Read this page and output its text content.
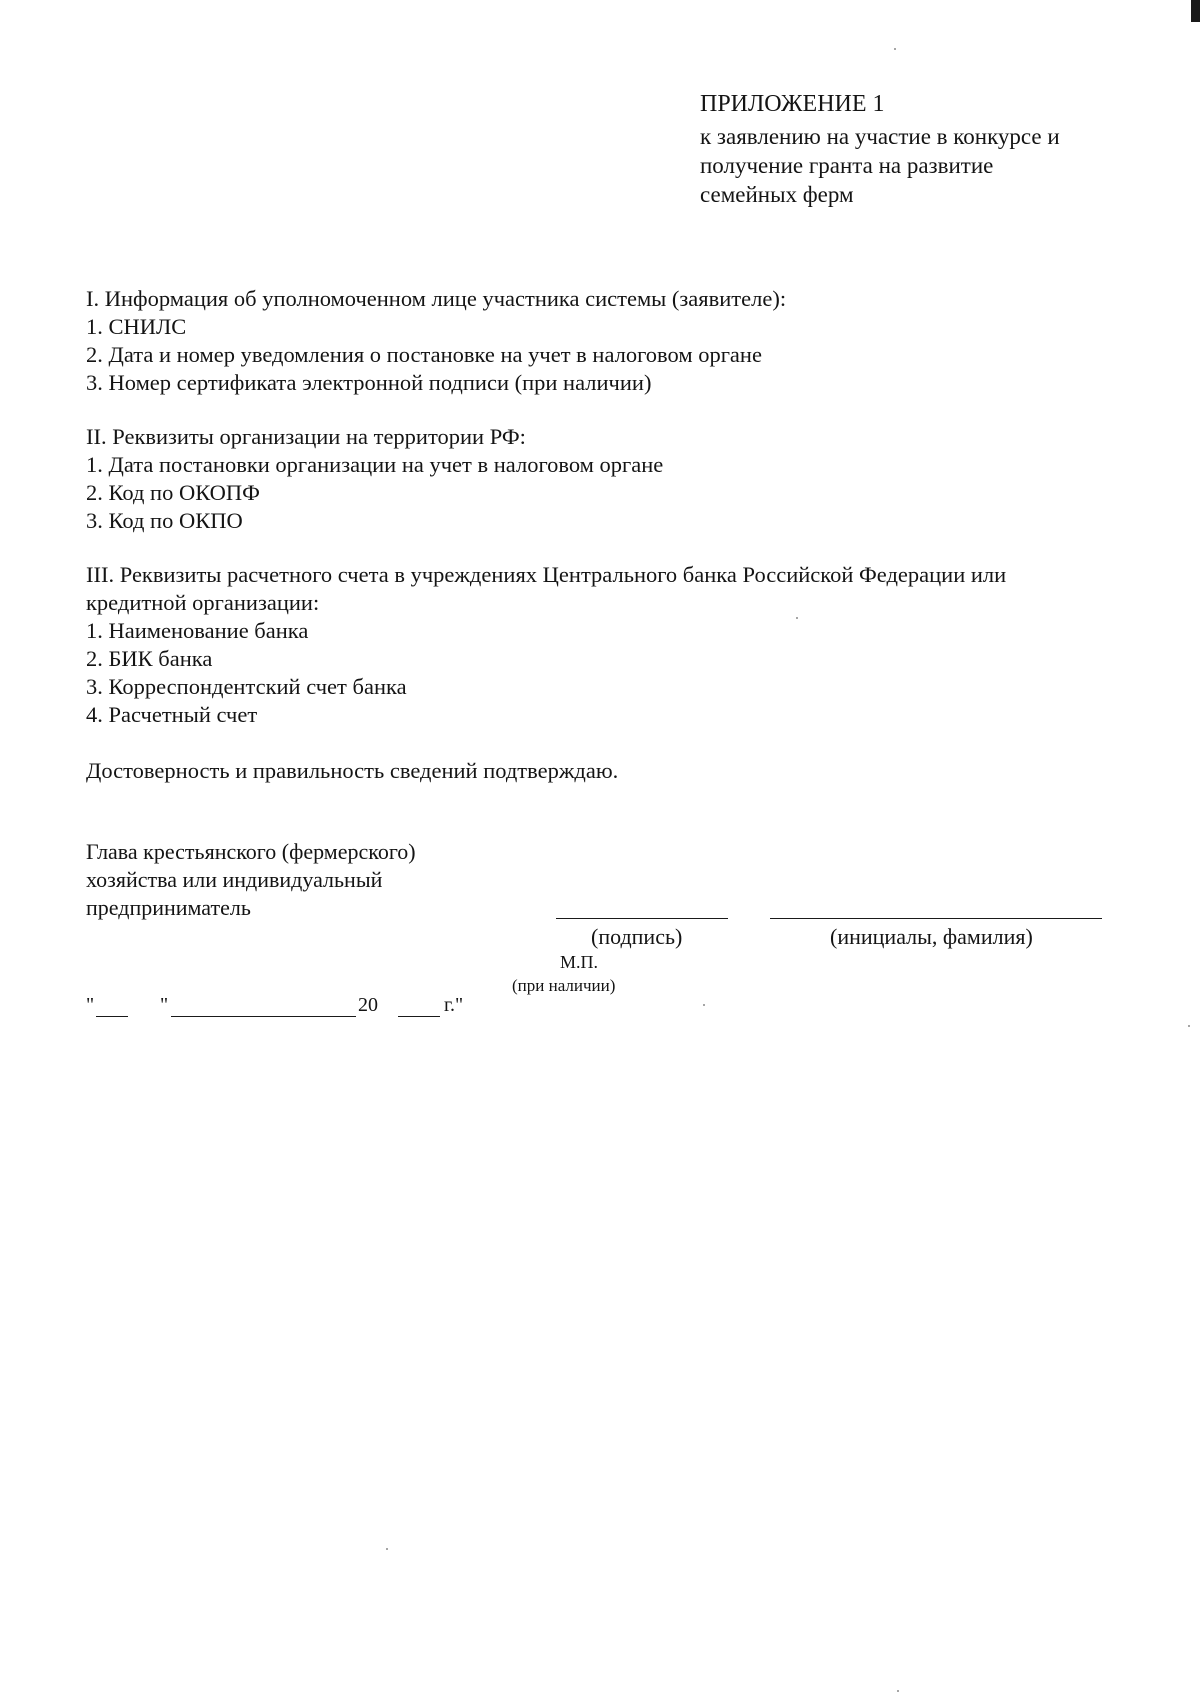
ПРИЛОЖЕНИЕ 1
к заявлению на участие в конкурсе и
получение гранта на развитие
семейных ферм
I. Информация об уполномоченном лице участника системы (заявителе):
1. СНИЛС
2. Дата и номер уведомления о постановке на учет в налоговом органе
3. Номер сертификата электронной подписи (при наличии)
II. Реквизиты организации на территории РФ:
1. Дата постановки организации на учет в налоговом органе
2. Код по ОКОПФ
3. Код по ОКПО
III. Реквизиты расчетного счета в учреждениях Центрального банка Российской Федерации или
кредитной организации:
1. Наименование банка
2. БИК банка
3. Корреспондентский счет банка
4. Расчетный счет
Достоверность и правильность сведений подтверждаю.
Глава крестьянского (фермерского)
хозяйства или индивидуальный
предприниматель
(подпись)	(инициалы, фамилия)
М.П.
(при наличии)
"	"	20	г."
